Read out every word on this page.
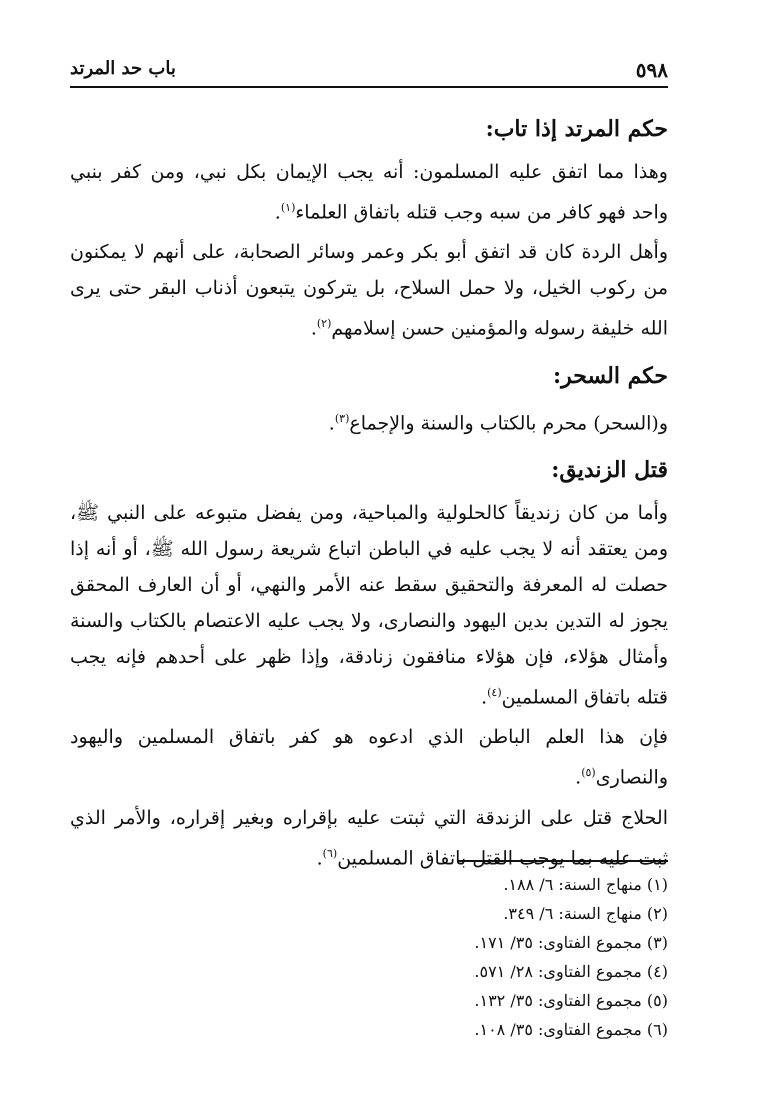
٥٩٨
باب حد المرتد
حكم المرتد إذا تاب:

وهذا مما اتفق عليه المسلمون: أنه يجب الإيمان بكل نبي، ومن كفر بنبي واحد فهو كافر من سبه وجب قتله باتفاق العلماء$^{(١)}$.

وأهل الردة كان قد اتفق أبو بكر وعمر وسائر الصحابة، على أنهم لا يمكنون من ركوب الخيل، ولا حمل السلاح، بل يتركون يتبعون أذناب البقر حتى يرى الله خليفة رسوله والمؤمنين حسن إسلامهم$^{(٢)}$.

حكم السحر:

و(السحر) محرم بالكتاب والسنة والإجماع$^{(٣)}$.

قتل الزنديق:

وأما من كان زنديقاً كالحلولية والمباحية، ومن يفضل متبوعه على النبي ﷺ، ومن يعتقد أنه لا يجب عليه في الباطن اتباع شريعة رسول الله ﷺ، أو أنه إذا حصلت له المعرفة والتحقيق سقط عنه الأمر والنهي، أو أن العارف المحقق يجوز له التدين بدين اليهود والنصارى، ولا يجب عليه الاعتصام بالكتاب والسنة وأمثال هؤلاء، فإن هؤلاء منافقون زنادقة، وإذا ظهر على أحدهم فإنه يجب قتله باتفاق المسلمين$^{(٤)}$.

فإن هذا العلم الباطن الذي ادعوه هو كفر باتفاق المسلمين واليهود والنصارى$^{(٥)}$.

الحلاج قتل على الزندقة التي ثبتت عليه بإقراره وبغير إقراره، والأمر الذي ثبت عليه بما يوجب القتل باتفاق المسلمين$^{(٦)}$.

(١) منهاج السنة: ٦/ ١٨٨.
(٢) منهاج السنة: ٦/ ٣٤٩.
(٣) مجموع الفتاوى: ٣٥/ ١٧١.
(٤) مجموع الفتاوى: ٢٨/ ٥٧١.
(٥) مجموع الفتاوى: ٣٥/ ١٣٢.
(٦) مجموع الفتاوى: ٣٥/ ١٠٨.
